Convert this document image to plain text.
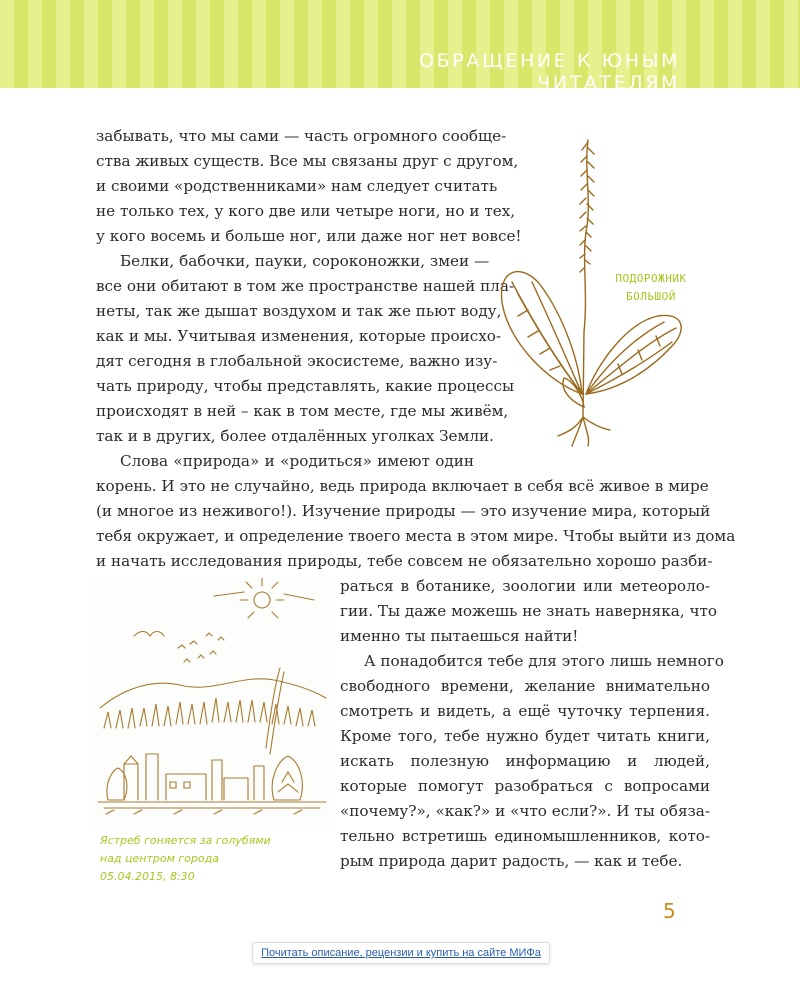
ОБРАЩЕНИЕ К ЮНЫМ ЧИТАТЕЛЯМ

забывать, что мы сами — часть огромного сообще-
ства живых существ. Все мы связаны друг с другом,
и своими «родственниками» нам следует считать
не только тех, у кого две или четыре ноги, но и тех,
у кого восемь и больше ног, или даже ног нет вовсе!

Белки, бабочки, пауки, сороконожки, змеи —
все они обитают в том же пространстве нашей пла-
неты, так же дышат воздухом и так же пьют воду,
как и мы. Учитывая изменения, которые происхо-
дят сегодня в глобальной экосистеме, важно изу-
чать природу, чтобы представлять, какие процессы
происходят в ней – как в том месте, где мы живём,
так и в других, более отдалённых уголках Земли.

Слова «природа» и «родиться» имеют один

корень. И это не случайно, ведь природа включает в себя всё живое в мире
(и многое из неживого!). Изучение природы — это изучение мира, который
тебя окружает, и определение твоего места в этом мире. Чтобы выйти из дома
и начать исследования природы, тебе совсем не обязательно хорошо разби-

раться в ботанике, зоологии или метеороло-
гии. Ты даже можешь не знать наверняка, что
именно ты пытаешься найти!

А понадобится тебе для этого лишь немного
свободного времени, желание внимательно
смотреть и видеть, а ещё чуточку терпения.
Кроме того, тебе нужно будет читать книги,
искать полезную информацию и людей,
которые помогут разобраться с вопросами
«почему?», «как?» и «что если?». И ты обяза-
тельно встретишь единомышленников, кото-
рым природа дарит радость, — как и тебе.

ПОДОРОЖНИК
БОЛЬШОЙ
Ястреб гоняется за голубями
над центром города
05.04.2015, 8:30
5
Почитать описание, рецензии и купить на сайте МИФа
